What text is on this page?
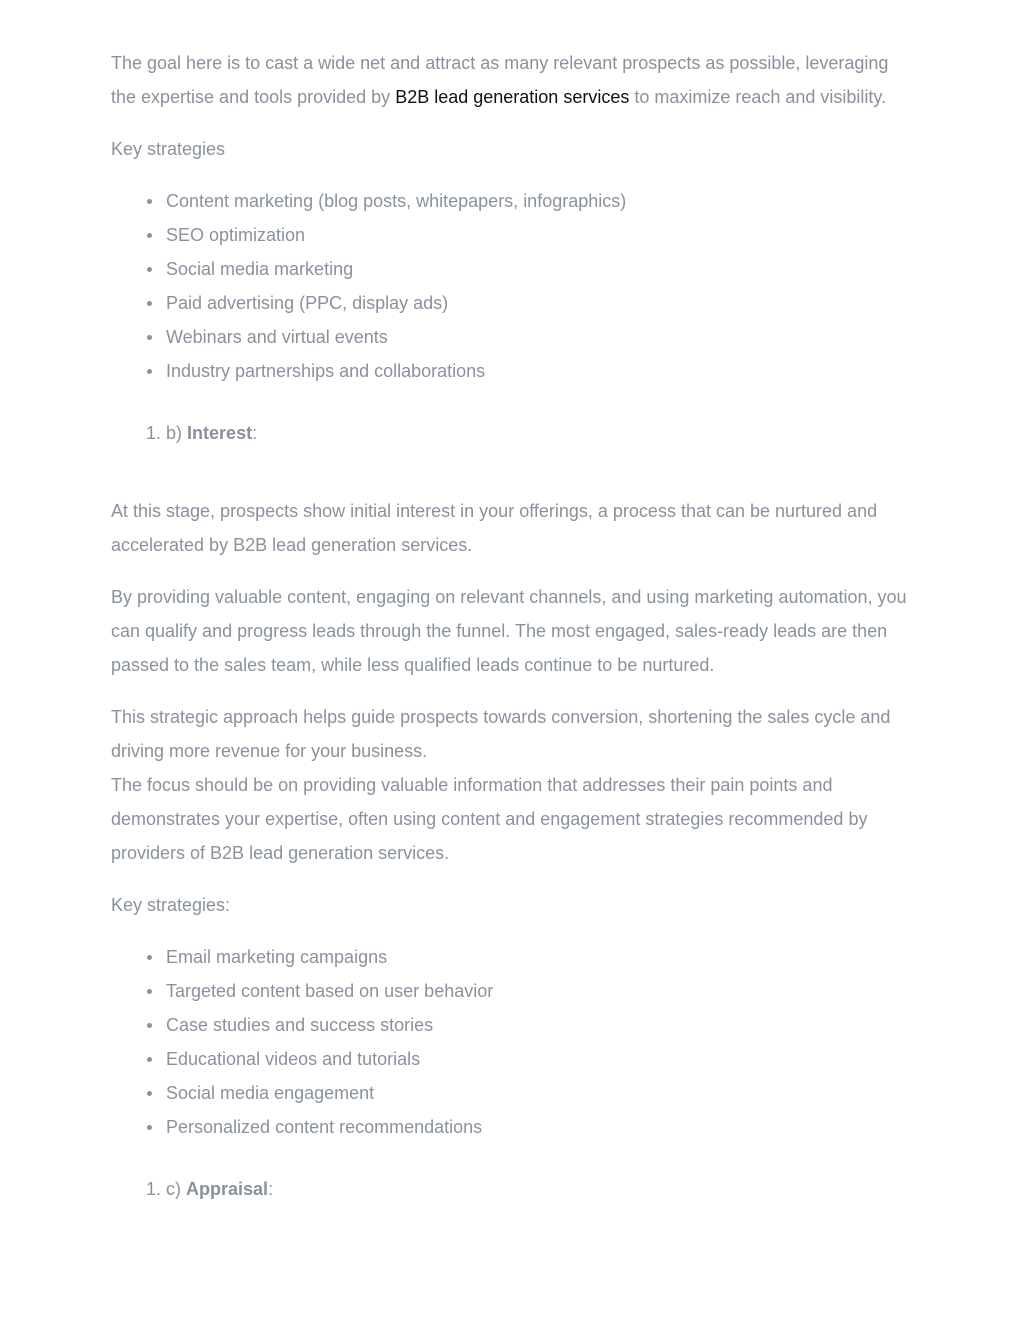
The goal here is to cast a wide net and attract as many relevant prospects as possible, leveraging the expertise and tools provided by B2B lead generation services to maximize reach and visibility.

Key strategies

Content marketing (blog posts, whitepapers, infographics)
SEO optimization
Social media marketing
Paid advertising (PPC, display ads)
Webinars and virtual events
Industry partnerships and collaborations
1. b) Interest:

At this stage, prospects show initial interest in your offerings, a process that can be nurtured and accelerated by B2B lead generation services.

By providing valuable content, engaging on relevant channels, and using marketing automation, you can qualify and progress leads through the funnel. The most engaged, sales-ready leads are then passed to the sales team, while less qualified leads continue to be nurtured.

This strategic approach helps guide prospects towards conversion, shortening the sales cycle and driving more revenue for your business.

The focus should be on providing valuable information that addresses their pain points and demonstrates your expertise, often using content and engagement strategies recommended by providers of B2B lead generation services.

Key strategies:

Email marketing campaigns
Targeted content based on user behavior
Case studies and success stories
Educational videos and tutorials
Social media engagement
Personalized content recommendations
1. c) Appraisal:
